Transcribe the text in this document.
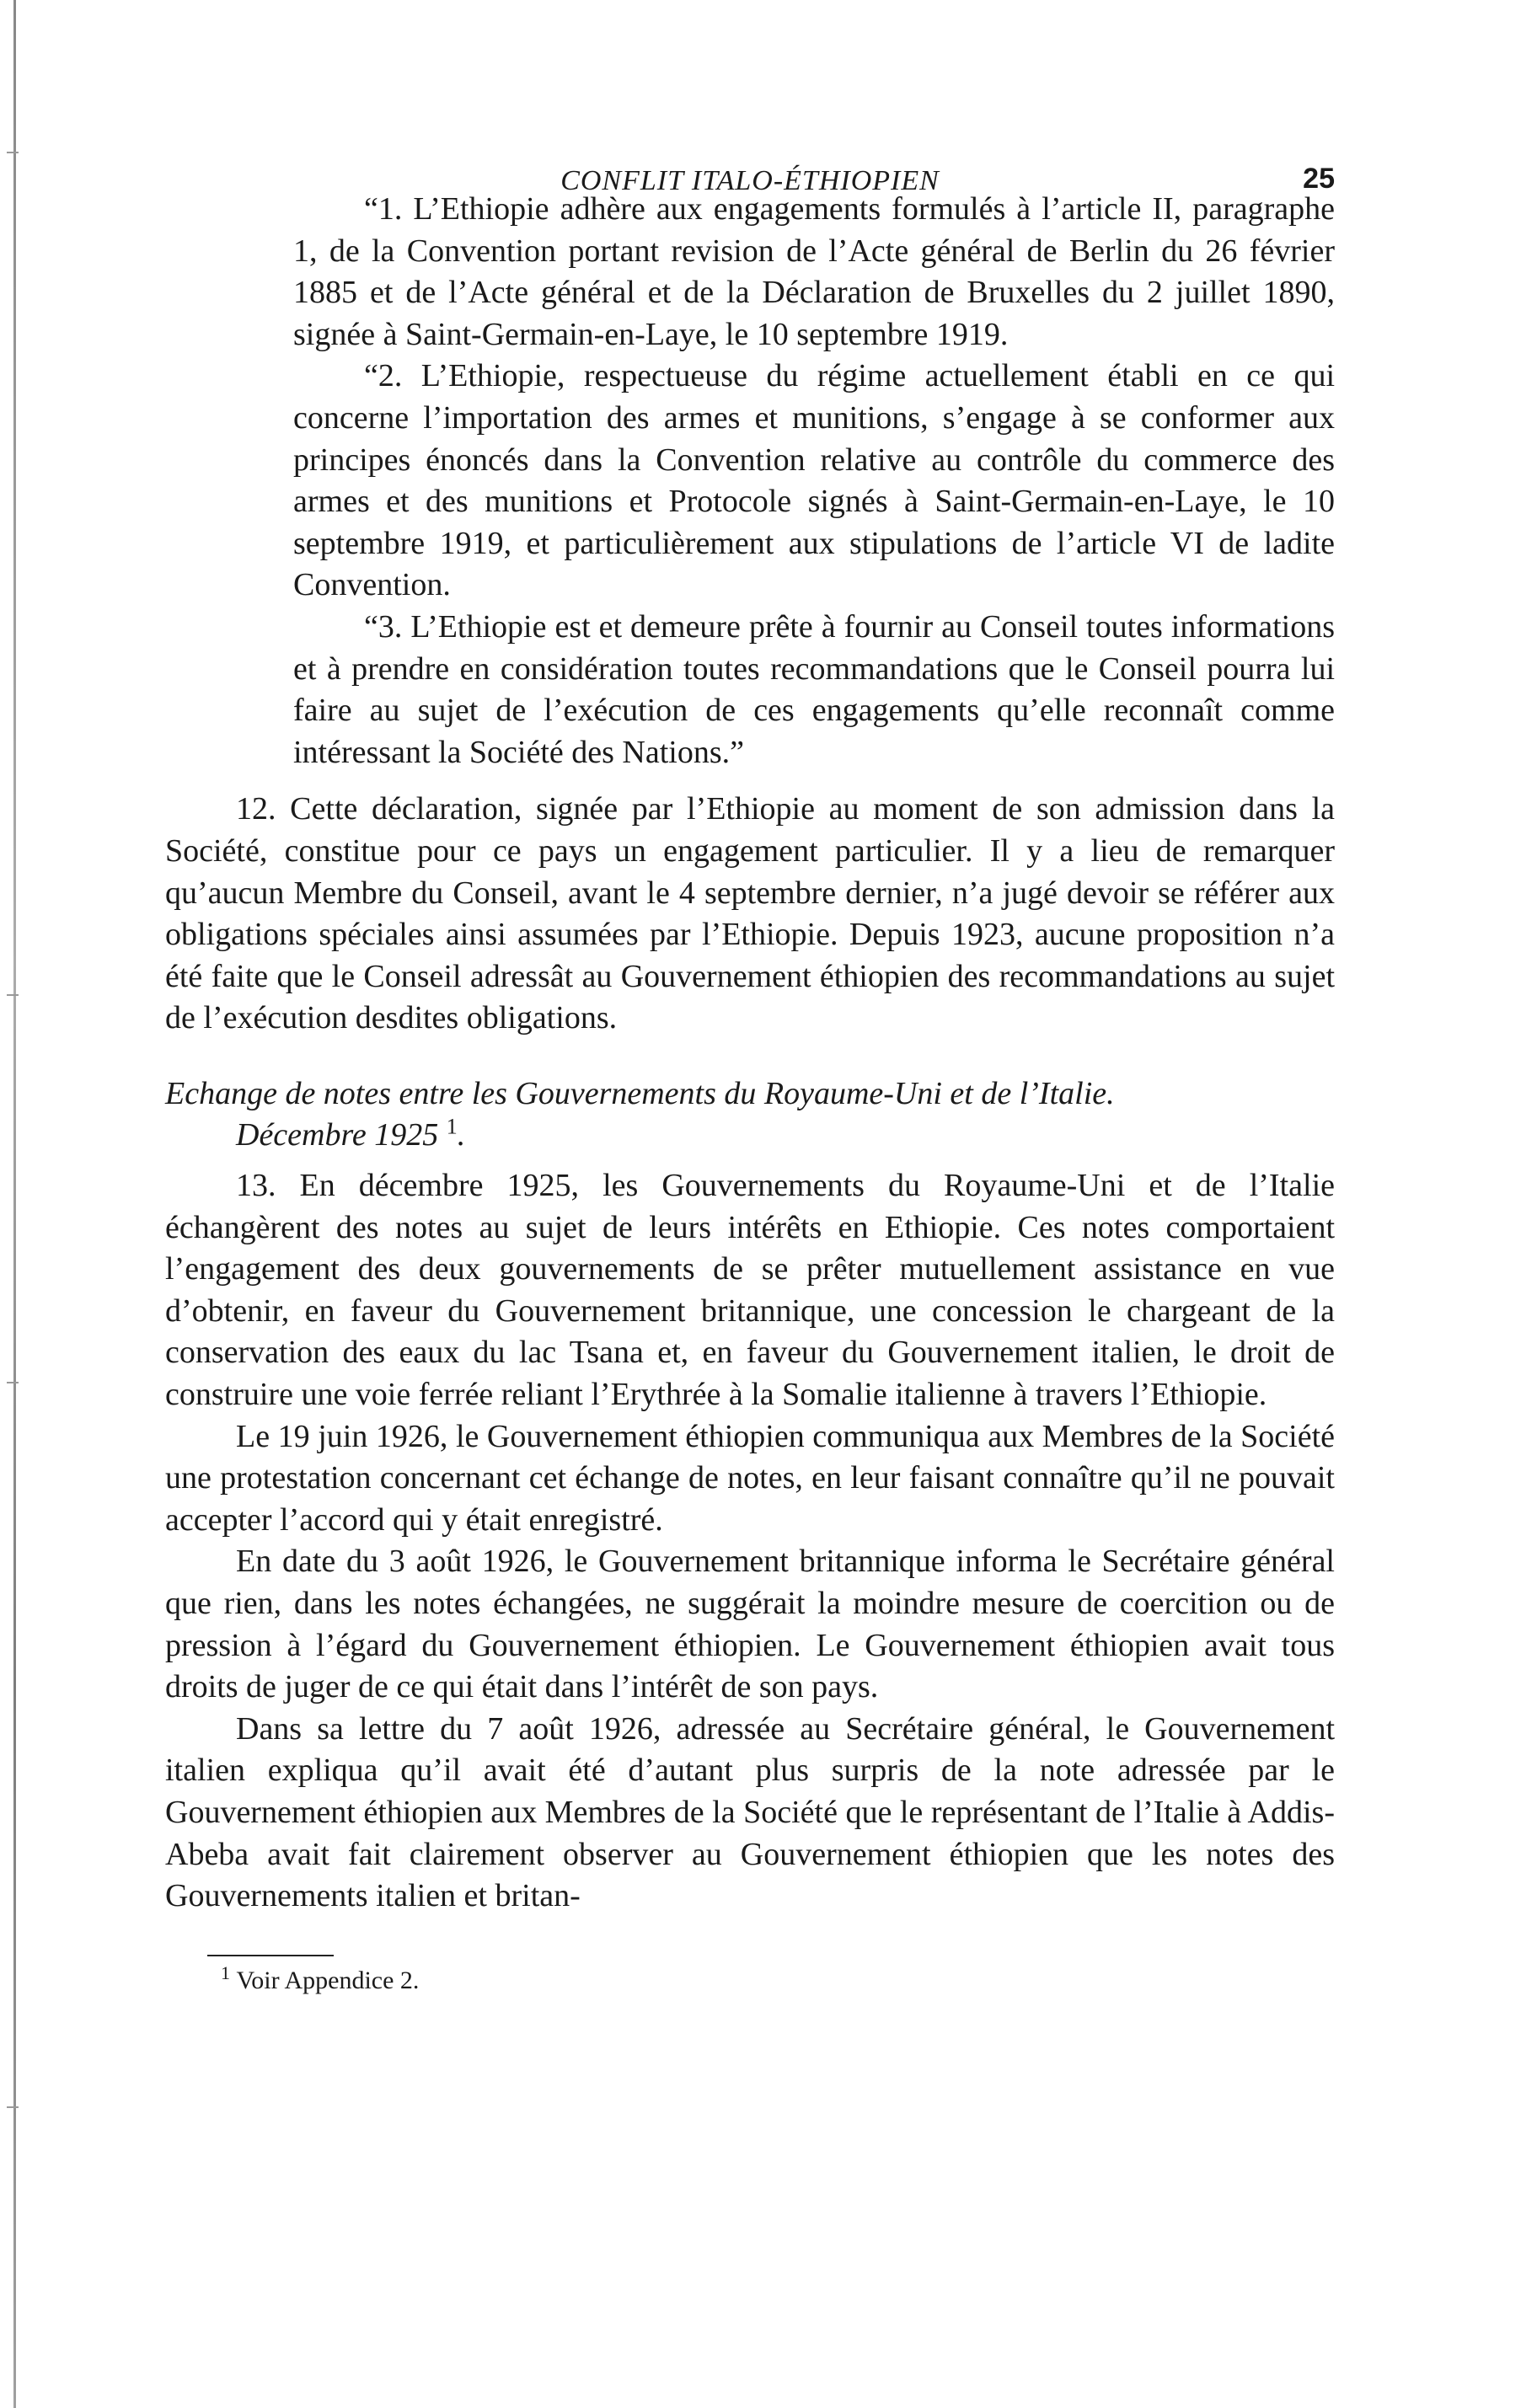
CONFLIT ITALO-ÉTHIOPIEN	25

“1. L’Ethiopie adhère aux engagements formulés à l’article II, paragraphe 1, de la Convention portant revision de l’Acte général de Berlin du 26 février 1885 et de l’Acte général et de la Déclaration de Bruxelles du 2 juillet 1890, signée à Saint-Germain-en-Laye, le 10 septembre 1919.

“2. L’Ethiopie, respectueuse du régime actuellement établi en ce qui concerne l’importation des armes et munitions, s’engage à se conformer aux principes énoncés dans la Convention relative au contrôle du commerce des armes et des munitions et Protocole signés à Saint-Germain-en-Laye, le 10 septembre 1919, et particulièrement aux stipulations de l’article VI de ladite Convention.

“3. L’Ethiopie est et demeure prête à fournir au Conseil toutes informations et à prendre en considération toutes recommandations que le Conseil pourra lui faire au sujet de l’exécution de ces engagements qu’elle reconnaît comme intéressant la Société des Nations.”

12. Cette déclaration, signée par l’Ethiopie au moment de son admission dans la Société, constitue pour ce pays un engagement particulier. Il y a lieu de remarquer qu’aucun Membre du Conseil, avant le 4 septembre dernier, n’a jugé devoir se référer aux obligations spéciales ainsi assumées par l’Ethiopie. Depuis 1923, aucune proposition n’a été faite que le Conseil adressât au Gouvernement éthiopien des recommandations au sujet de l’exécution desdites obligations.

Echange de notes entre les Gouvernements du Royaume-Uni et de l’Italie.
Décembre 1925 $^1$.

13. En décembre 1925, les Gouvernements du Royaume-Uni et de l’Italie échangèrent des notes au sujet de leurs intérêts en Ethiopie. Ces notes comportaient l’engagement des deux gouvernements de se prêter mutuellement assistance en vue d’obtenir, en faveur du Gouvernement britannique, une concession le chargeant de la conservation des eaux du lac Tsana et, en faveur du Gouvernement italien, le droit de construire une voie ferrée reliant l’Erythrée à la Somalie italienne à travers l’Ethiopie.

Le 19 juin 1926, le Gouvernement éthiopien communiqua aux Membres de la Société une protestation concernant cet échange de notes, en leur faisant connaître qu’il ne pouvait accepter l’accord qui y était enregistré.

En date du 3 août 1926, le Gouvernement britannique informa le Secrétaire général que rien, dans les notes échangées, ne suggérait la moindre mesure de coercition ou de pression à l’égard du Gouvernement éthiopien. Le Gouvernement éthiopien avait tous droits de juger de ce qui était dans l’intérêt de son pays.

Dans sa lettre du 7 août 1926, adressée au Secrétaire général, le Gouvernement italien expliqua qu’il avait été d’autant plus surpris de la note adressée par le Gouvernement éthiopien aux Membres de la Société que le représentant de l’Italie à Addis-Abeba avait fait clairement observer au Gouvernement éthiopien que les notes des Gouvernements italien et britan-

$^1$ Voir Appendice 2.
